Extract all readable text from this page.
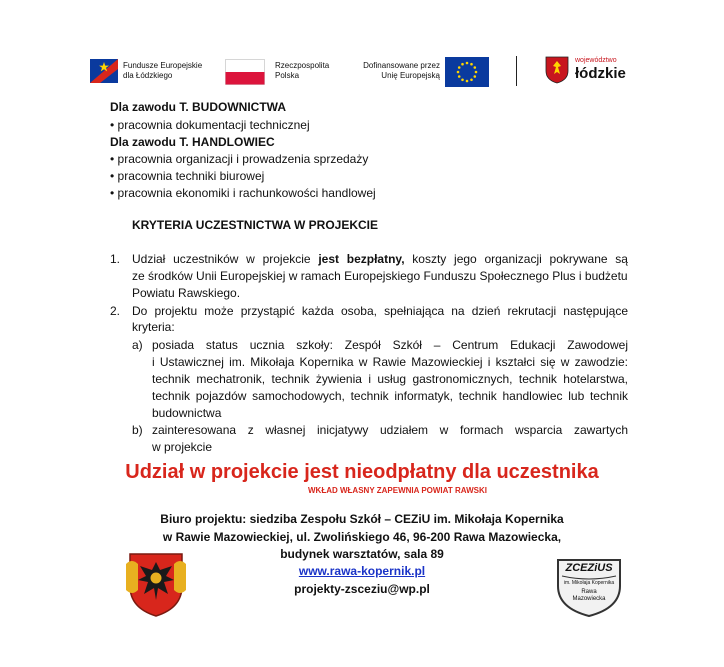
Fundusze Europejskie
dla Łódzkiego
Rzeczpospolita
Polska
Dofinansowane przez
Unię Europejską
województwo
łódzkie
Dla zawodu T. BUDOWNICTWA
• pracownia dokumentacji technicznej
Dla zawodu T. HANDLOWIEC
• pracownia organizacji i prowadzenia sprzedaży
• pracownia techniki biurowej
• pracownia ekonomiki i rachunkowości handlowej
KRYTERIA UCZESTNICTWA W PROJEKCIE
1. Udział uczestników w projekcie jest bezpłatny, koszty jego organizacji pokrywane są
ze środków Unii Europejskiej w ramach Europejskiego Funduszu Społecznego Plus i budżetu
Powiatu Rawskiego.
2. Do projektu może przystąpić każda osoba, spełniająca na dzień rekrutacji następujące
kryteria:
a) posiada status ucznia szkoły: Zespół Szkół – Centrum Edukacji Zawodowej
i Ustawicznej im. Mikołaja Kopernika w Rawie Mazowieckiej i kształci się w zawodzie:
technik mechatronik, technik żywienia i usług gastronomicznych, technik hotelarstwa,
technik pojazdów samochodowych, technik informatyk, technik handlowiec lub technik
budownictwa
b) zainteresowana z własnej inicjatywy udziałem w formach wsparcia zawartych
w projekcie
Udział w projekcie jest nieodpłatny dla uczestnika
WKŁAD WŁASNY ZAPEWNIA POWIAT RAWSKI
Biuro projektu: siedziba Zespołu Szkół – CEZiU im. Mikołaja Kopernika
w Rawie Mazowieckiej, ul. Zwolińskiego 46, 96-200 Rawa Mazowiecka,
budynek warsztatów, sala 89
www.rawa-kopernik.pl
projekty-zsceziu@wp.pl
ZCEZiUS
im. Mikołaja Kopernika
Rawa
Mazowiecka
